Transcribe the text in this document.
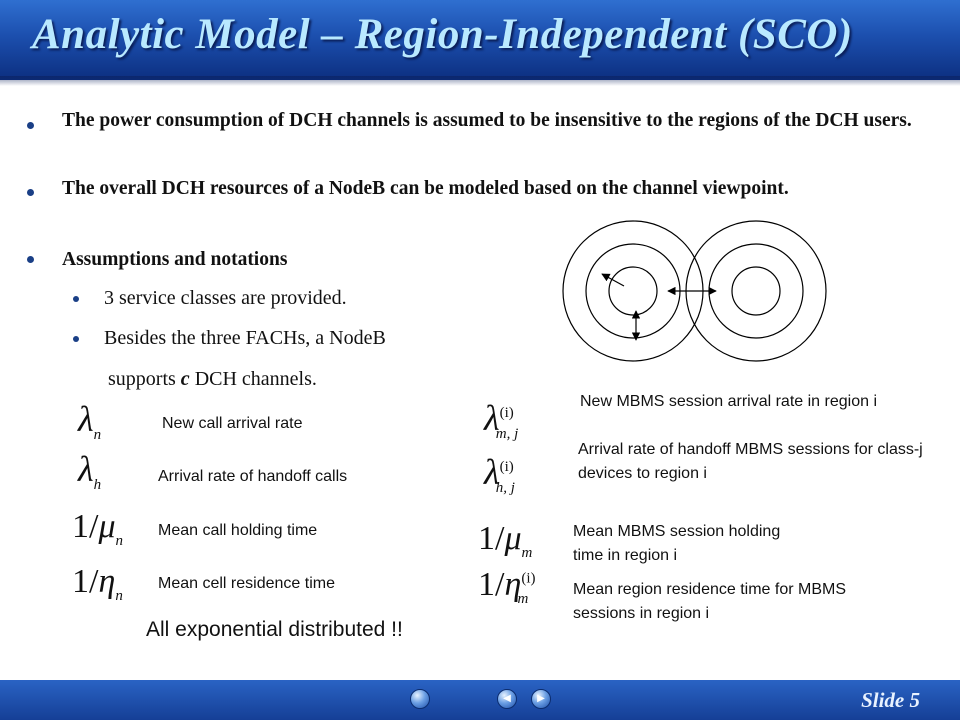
Analytic Model – Region-Independent (SCO)
The power consumption of DCH channels is assumed to be insensitive to the regions of the DCH users.
The overall DCH resources of a NodeB can be modeled based on the channel viewpoint.
Assumptions and notations
3 service classes are provided.
Besides the three FACHs, a NodeB
supports c DCH channels.
$\lambda_n$
New call arrival rate
$\lambda_h$
Arrival rate of handoff calls
$1/\mu_n$
Mean call holding time
$1/\eta_n$
Mean cell residence time
$\lambda^{(i)}_{m, j}$
New MBMS session arrival rate in region i
$\lambda^{(i)}_{h, j}$
Arrival rate of handoff MBMS sessions for class-j devices to region i
$1/\mu_m$
Mean MBMS session holding time in region i
$1/\eta^{(i)}_m$
Mean region residence time for MBMS sessions in region i
All exponential distributed !!
◀	▶	Slide 5
